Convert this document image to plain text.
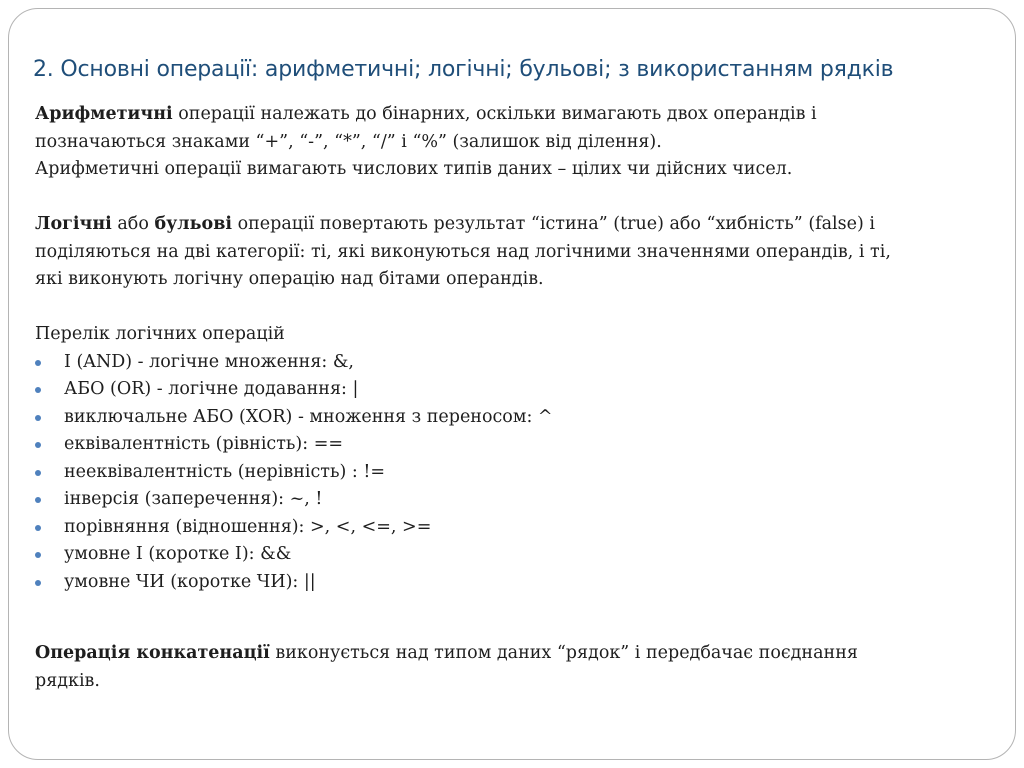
2. Основні операції: арифметичні; логічні; бульові; з використанням рядків

Арифметичні операції належать до бінарних, оскільки вимагають двох операндів і

позначаються знаками “+”, “-”, “*”, “/” і “%” (залишок від ділення).

Арифметичні операції вимагають числових типів даних – цілих чи дійсних чисел.

Логічні або бульові операції повертають результат “істина” (true) або “хибність” (false) і

поділяються на дві категорії: ті, які виконуються над логічними значеннями операндів, і ті,

які виконують логічну операцію над бітами операндів.

Перелік логічних операцій

І (AND) - логічне множення: &,
АБО (OR) - логічне додавання: |
виключальне АБО (XOR) - множення з переносом: ^
еквівалентність (рівність): ==
нееквівалентність (нерівність) : !=
інверсія (заперечення): ~, !
порівняння (відношення): >, <, <=, >=
умовне І (коротке І): &&
умовне ЧИ (коротке ЧИ): ||

Операція конкатенації виконується над типом даних “рядок” і передбачає поєднання

рядків.
